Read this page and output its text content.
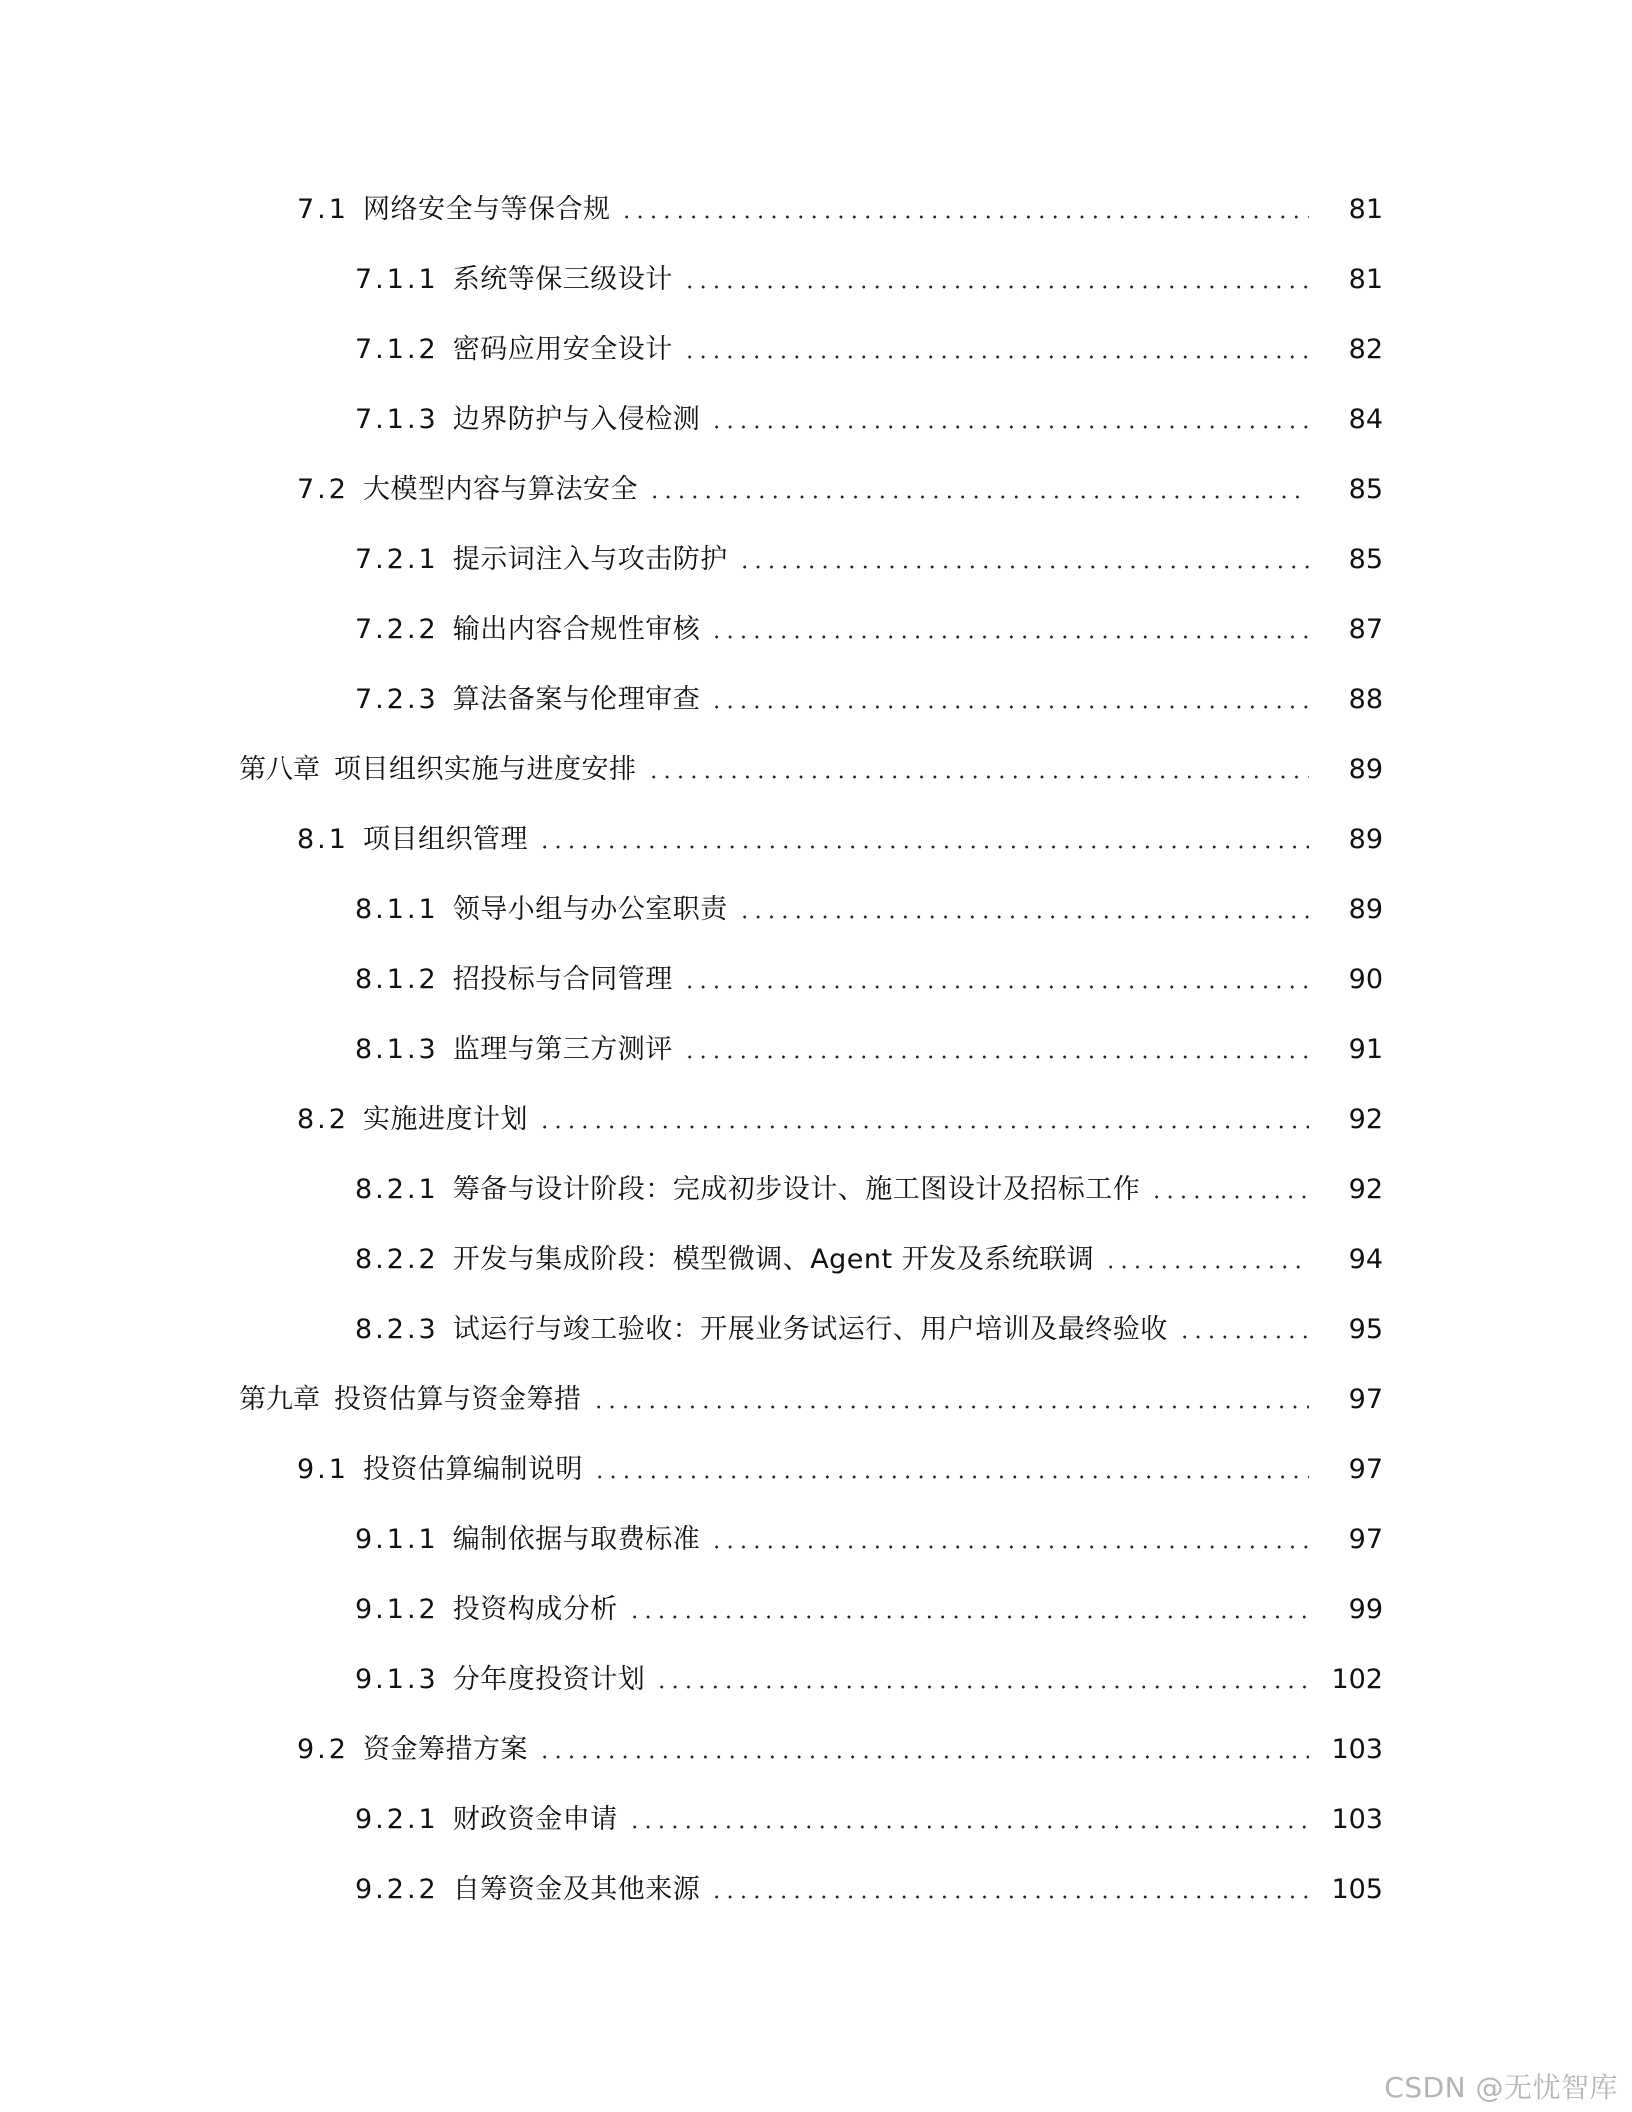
7.1 网络安全与等保合规	81
7.1.1 系统等保三级设计	81
7.1.2 密码应用安全设计	82
7.1.3 边界防护与入侵检测	84
7.2 大模型内容与算法安全	85
7.2.1 提示词注入与攻击防护	85
7.2.2 输出内容合规性审核	87
7.2.3 算法备案与伦理审查	88
第八章 项目组织实施与进度安排	89
8.1 项目组织管理	89
8.1.1 领导小组与办公室职责	89
8.1.2 招投标与合同管理	90
8.1.3 监理与第三方测评	91
8.2 实施进度计划	92
8.2.1 筹备与设计阶段：完成初步设计、施工图设计及招标工作	92
8.2.2 开发与集成阶段：模型微调、Agent 开发及系统联调	94
8.2.3 试运行与竣工验收：开展业务试运行、用户培训及最终验收	95
第九章 投资估算与资金筹措	97
9.1 投资估算编制说明	97
9.1.1 编制依据与取费标准	97
9.1.2 投资构成分析	99
9.1.3 分年度投资计划	102
9.2 资金筹措方案	103
9.2.1 财政资金申请	103
9.2.2 自筹资金及其他来源	105
CSDN @无忧智库
